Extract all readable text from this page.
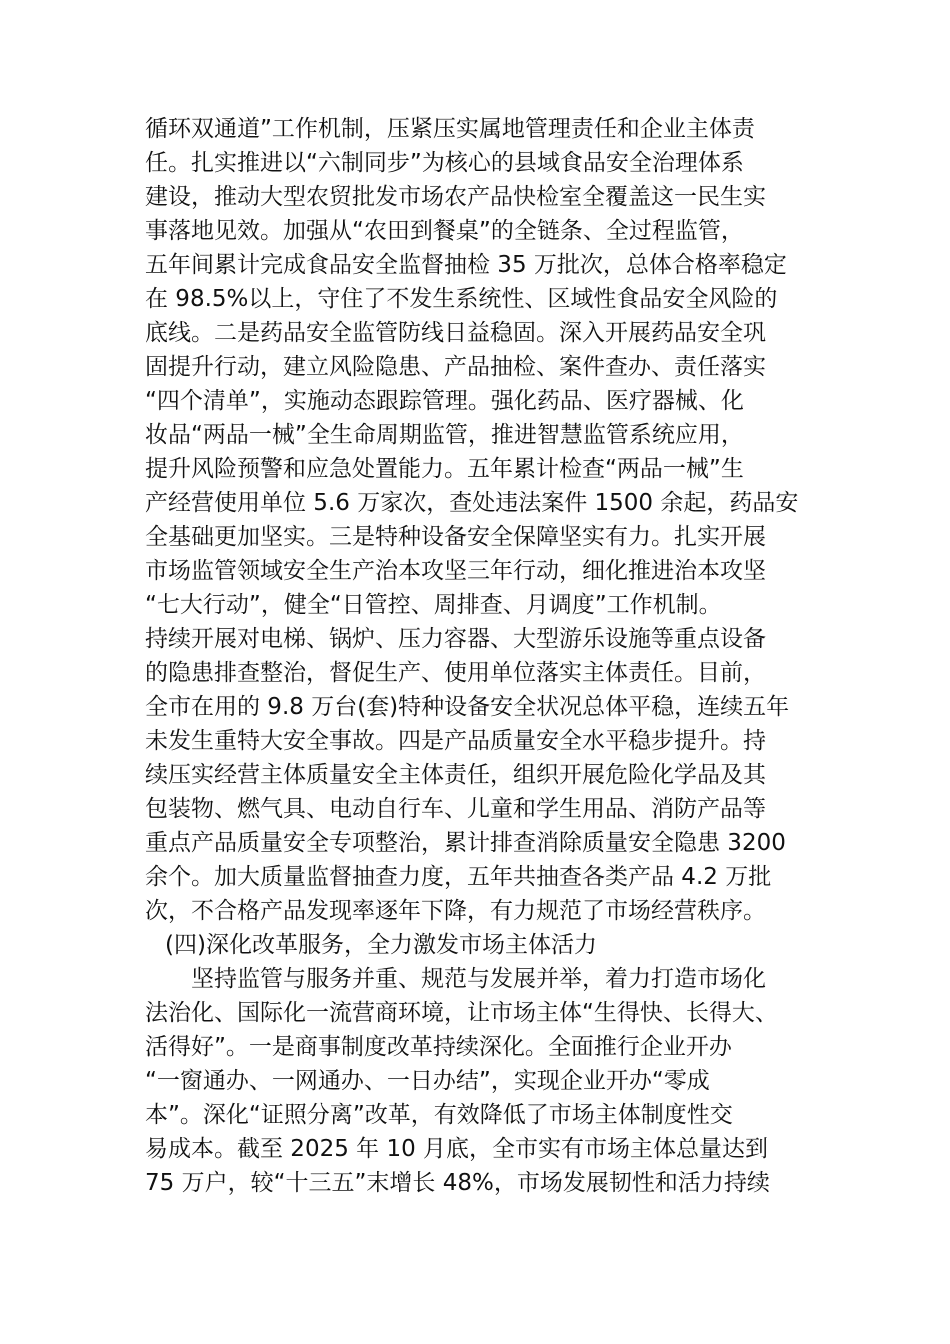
循环双通道”工作机制，压紧压实属地管理责任和企业主体责
任。扎实推进以“六制同步”为核心的县域食品安全治理体系
建设，推动大型农贸批发市场农产品快检室全覆盖这一民生实
事落地见效。加强从“农田到餐桌”的全链条、全过程监管，
五年间累计完成食品安全监督抽检 35 万批次，总体合格率稳定
在 98.5%以上，守住了不发生系统性、区域性食品安全风险的
底线。二是药品安全监管防线日益稳固。深入开展药品安全巩
固提升行动，建立风险隐患、产品抽检、案件查办、责任落实
“四个清单”，实施动态跟踪管理。强化药品、医疗器械、化
妆品“两品一械”全生命周期监管，推进智慧监管系统应用，
提升风险预警和应急处置能力。五年累计检查“两品一械”生
产经营使用单位 5.6 万家次，查处违法案件 1500 余起，药品安
全基础更加坚实。三是特种设备安全保障坚实有力。扎实开展
市场监管领域安全生产治本攻坚三年行动，细化推进治本攻坚
“七大行动”，健全“日管控、周排查、月调度”工作机制。
持续开展对电梯、锅炉、压力容器、大型游乐设施等重点设备
的隐患排查整治，督促生产、使用单位落实主体责任。目前，
全市在用的 9.8 万台(套)特种设备安全状况总体平稳，连续五年
未发生重特大安全事故。四是产品质量安全水平稳步提升。持
续压实经营主体质量安全主体责任，组织开展危险化学品及其
包装物、燃气具、电动自行车、儿童和学生用品、消防产品等
重点产品质量安全专项整治，累计排查消除质量安全隐患 3200
余个。加大质量监督抽查力度，五年共抽查各类产品 4.2 万批
次，不合格产品发现率逐年下降，有力规范了市场经营秩序。
(四)深化改革服务，全力激发市场主体活力
坚持监管与服务并重、规范与发展并举，着力打造市场化
法治化、国际化一流营商环境，让市场主体“生得快、长得大、
活得好”。一是商事制度改革持续深化。全面推行企业开办
“一窗通办、一网通办、一日办结”，实现企业开办“零成
本”。深化“证照分离”改革，有效降低了市场主体制度性交
易成本。截至 2025 年 10 月底，全市实有市场主体总量达到
75 万户，较“十三五”末增长 48%，市场发展韧性和活力持续
